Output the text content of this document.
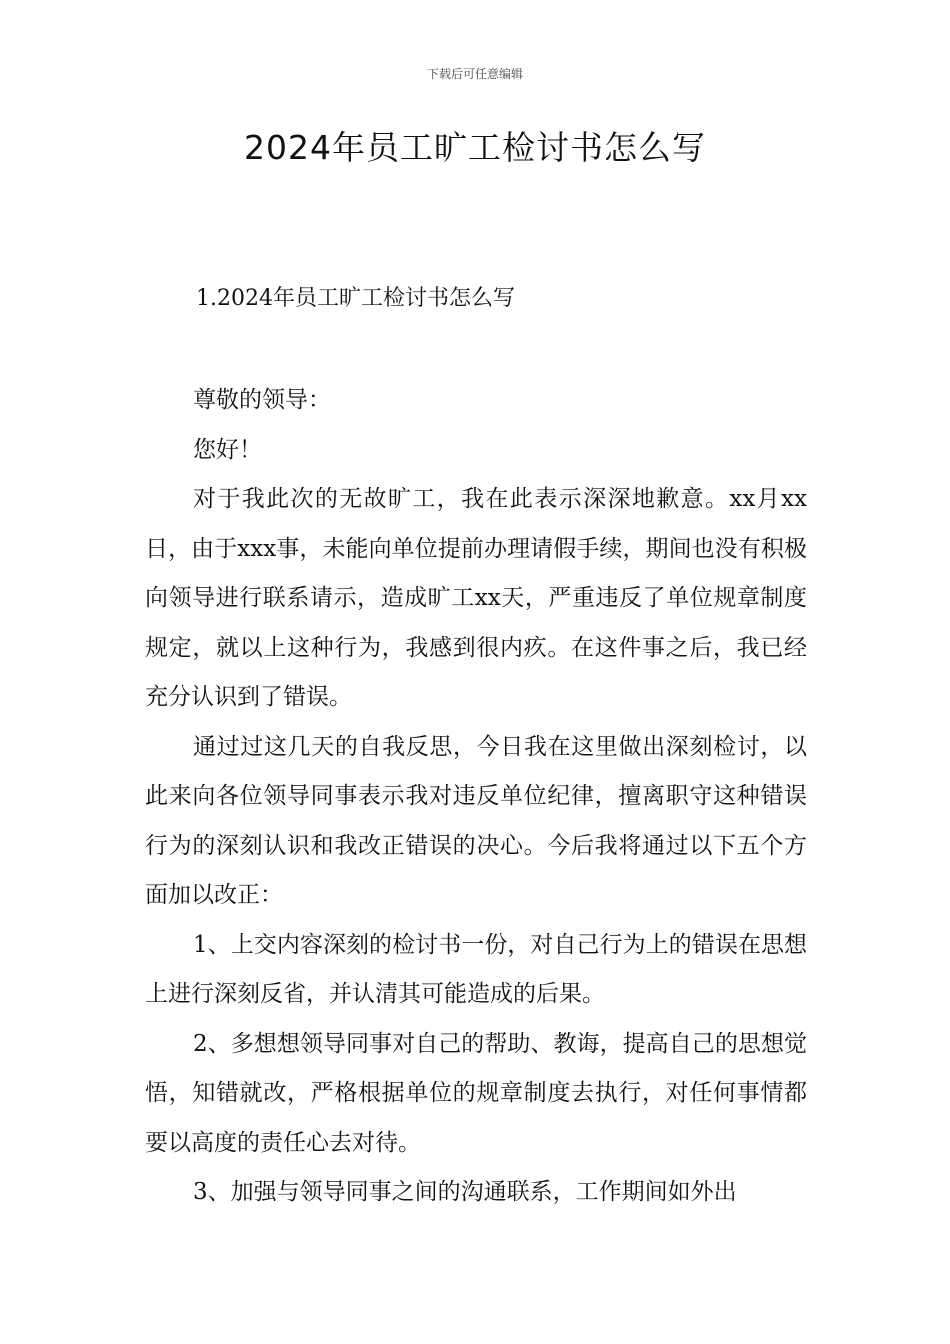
下载后可任意编辑
2024年员工旷工检讨书怎么写
1.2024年员工旷工检讨书怎么写

尊敬的领导：

您好！

对于我此次的无故旷工，我在此表示深深地歉意。xx月xx日，由于xxx事，未能向单位提前办理请假手续，期间也没有积极向领导进行联系请示，造成旷工xx天，严重违反了单位规章制度规定，就以上这种行为，我感到很内疚。在这件事之后，我已经充分认识到了错误。

通过过这几天的自我反思，今日我在这里做出深刻检讨，以此来向各位领导同事表示我对违反单位纪律，擅离职守这种错误行为的深刻认识和我改正错误的决心。今后我将通过以下五个方面加以改正：

1、上交内容深刻的检讨书一份，对自己行为上的错误在思想上进行深刻反省，并认清其可能造成的后果。

2、多想想领导同事对自己的帮助、教诲，提高自己的思想觉悟，知错就改，严格根据单位的规章制度去执行，对任何事情都要以高度的责任心去对待。

3、加强与领导同事之间的沟通联系，工作期间如外出
